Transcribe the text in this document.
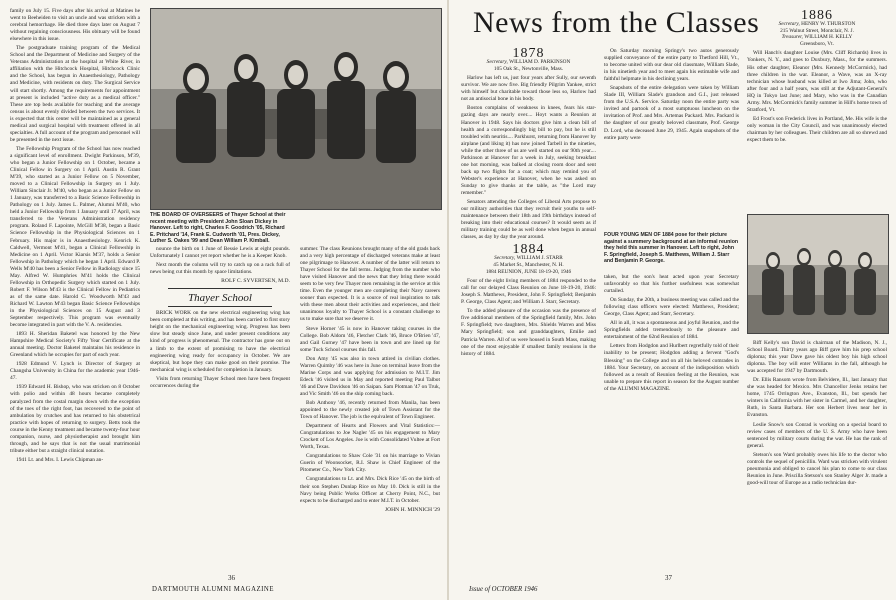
family on July 15. Five days after his arrival at Matines he went to Beeheiden to visit an uncle and was stricken with a cerebral hemorrhage. He died three days later on August 7 without regaining consciousness. His obituary will be found elsewhere in this issue.

The postgraduate training program of the Medical School and the Department of Medicine and Surgery of the Veterans Administration at the hospital at White River, in affiliation with the Hitchcock Hospital, Hitchcock Clinic and the School, has begun in Anaesthesiology, Pathology and Medicine, with residents on duty. The Surgical Service will start shortly. Among the requirements for appointment at present is included "active duty as a medical officer." These are top beds available for teaching and the average census is about evenly divided between the two services. It is expected that this center will be maintained as a general medical and surgical hospital with treatment offered in all specialties. A full account of the program and personnel will be presented in the next issue.

The Fellowship Program of the School has now reached a significant level of enrollment. Dwight Parkinson, M'39, who began a Junior Fellowship on 1 October, became a Clinical Fellow in Surgery on 1 April. Austin R. Grant M'39, who started as a Junior Fellow on 5 November, moved to a Clinical Fellowship in Surgery on 1 July. William Sinclair Jr. M'40, who began as a Junior Fellow on 1 January, was transferred to a Basic Science Fellowship in Pathology on 1 July. James L. Palmer, Alumni M'40, who held a Junior Fellowship from 1 January until 17 April, was transferred to the Veterans Administration residency program. Roland F. Lapointe, McGill M'38, began a Basic Science Fellowship in the Physiological Sciences on 1 February. His major is in Anaesthesiology. Kenrick K. Caldwell, Vermont M'41, began a Clinical Fellowship in Medicine on 1 April. Victor Kiarsis M'37, holds a Senior Fellowship in Pathology which he began 1 April. Edward P. Wells M'40 has been a Senior Fellow in Radiology since 15 May. Alfred W. Humphries M'41 holds the Clinical Fellowship in Orthopedic Surgery which started on 1 July. Robert F. Wilson M'43 is the Clinical Fellow in Pediatrics as of the same date. Harold C. Woodworth M'43 and Richard W. Lawton M'43 began Basic Science Fellowships in the Physiological Sciences on 15 August and 3 September respectively. This program was eventually become integrated in part with the V. A. residencies.

1893 H. Sheridan Baketel was honored by the New Hampshire Medical Society's Fifty Year Certificate at the annual meeting. Doctor Baketel maintains his residence in Greenland which he occupies for part of each year.

1928 Edmund V. Lynch is Director of Surgery at Changsha University in China for the academic year 1946-47.

1939 Edward H. Bishop, who was stricken on 8 October with polio and within 48 hours became completely paralyzed from the costal margin down with the exception of the toes of the right foot, has recovered to the point of ambulation by crutches and has returned to his obstetrical practice with hopes of returning to surgery. Betts took the course in the Kenny treatment and became twenty-four hour companion, nurse, and physiotherapist and brought him through, and he says that is not the usual matrimonial tribute either but a straight clinical notation.

1941 Lt. and Mrs. I. Lewis Chipman an-

THE BOARD OF OVERSEERS of Thayer School at their recent meeting with President John Sloan Dickey in Hanover. Left to right, Charles F. Goodrich '05, Richard E. Pritchard '14, Frank E. Cudworth '01, Pres. Dickey, Luther S. Oakes '99 and Dean William P. Kimball.

nounce the birth on 1 June of Bessie Lewis at eight pounds. Unfortunately I cannot yet report whether he is a Keeper Knob.

Next month the column will try to catch up on a rack full of news being cut this month by space limitations.

ROLF C. SYVERTSEN, M.D.
Thayer School

BRICK WORK on the new electrical engineering wing has been completed at this writing, and has been carried to first story height on the mechanical engineering wing. Progress has been slow but steady since June, and under present conditions any kind of progress is phenomenal. The contractor has gone out on a limb to the extent of promising to have the electrical engineering wing ready for occupancy in October. We are skeptical, but hope they can make good on their promise. The mechanical wing is scheduled for completion in January.

Visits from returning Thayer School men have been frequent occurrences during the

summer. The class Reunions brought many of the old grads back and a very high percentage of discharged veterans make at least one pilgrimage to Hanover. A number of the latter will return to Thayer School for the fall terms. Judging from the number who have visited Hanover and the news that they bring there would seem to be very few Thayer men remaining in the service at this time. Even the younger men are completing their Navy careers sooner than expected. It is a source of real inspiration to talk with these men about their activities and experiences, and their unanimous loyalty to Thayer School is a constant challenge to us to make sure that we deserve it.

Steve Horner '45 is now in Hanover taking courses in the College. Bob Aldom '46, Fletcher Clark '46, Bruce O'Brien '47, and Gail Gurney '47 have been in town and are lined up for some Tuck School courses this fall.

Don Amy '45 was also in town attired in civilian clothes. Warren Quimby '46 was here in June on terminal leave from the Marine Corps and was applying for admission to M.I.T. Jim Edeck '46 visited us in May and reported meeting Paul Talbot '46 and Dave Davidson '46 on Saipan. Sam Plotman '47 on Truk, and Vic Smith '46 on the ship coming back.

Bob Anthony '46, recently returned from Manila, has been appointed to the newly created job of Town Assistant for the Town of Hanover. The job is the equivalent of Town Engineer.

Department of Hearts and Flowers and Vital Statistics:—Congratulations to Joe Nagler '45 on his engagement to Mary Crockett of Los Angeles. Joe is with Consolidated Vultee at Fort Worth, Texas.

Congratulations to Shaw Cole '31 on his marriage to Vivian Guerin of Woonsocket, R.I. Shaw is Chief Engineer of the Pitometer Co., New York City.

Congratulations to Lt. and Mrs. Dick Rice '45 on the birth of their son Stephen Dunlap Rice on May 10. Dick is still in the Navy being Public Works Officer at Cherry Point, N.C., but expects to be discharged and to enter M.I.T. in October.

JOHN H. MINNICH '29
36
DARTMOUTH ALUMNI MAGAZINE
News from the Classes
1878
Secretary, WILLIAM D. PARKINSON
105 Oak St., Newtonville, Mass.

Harlow has left us, just four years after Sully, our seventh survivor. We are now five. Big friendly Pilgrim Yankee, strict with himself but charitable toward those less so, Harlow had not an antisocial bone in his body.

Boston complains of weakness in knees, fears his star-gazing days are nearly over.... Hoyt wants a Reunion at Hanover in 1948. Says his doctors give him a clean bill of health and a correspondingly big bill to pay, but he is still troubled with neuritis.... Parkhurst, returning from Hanover by airplane (and liking it) has now joined Tarbell in the nineties, while the other three of us are well started on our 90th year.... Parkinson at Hanover for a week in July, seeking breakfast one hot morning, was balked at closing room door and sent back up two flights for a coat; which may remind you of Webster's experience at Hanover, when he was asked on Sunday to give thanks at the table, as "the Lord may remember."

Senators attending the Colleges of Liberal Arts propose to our military authorities that they recruit their youths to self-maintenance between their 18th and 19th birthdays instead of breaking into their educational courses? It would seem as if military training could be as well done when begun in annual classes, as day by day the year around.

1884
Secretary, WILLIAM J. STARR
45 Market St., Manchester, N. H.
1884 REUNION, JUNE 18-19-20, 1946

Four of the eight living members of 1884 responded to the call for our delayed Class Reunion on June 18-19-20, 1946: Joseph S. Matthews, President, John F. Springfield; Benjamin P. George, Class Agent; and William J. Starr, Secretary.

To the added pleasure of the occasion was the presence of five additional members of the Springfield family, Mrs. John F. Springfield; two daughters, Mrs. Shields Warren and Miss Mary Springfield; son and granddaughters, Emilie and Patricia Warren. All of us were housed in South Mass, making one of the most enjoyable if smallest family reunions in the history of 1884.

On Saturday morning Springy's two autos generously supplied conveyance of the entire party to Thetford Hill, Vt., to become united with our dear old classmate, William Slade, in his ninetieth year and to meet again his estimable wife and faithful helpmate in his declining years.

Snapshots of the entire delegation were taken by William Slade III, William Slade's grandson and G.I., just released from the U.S.A. Service. Saturday noon the entire party was invited and partook of a most sumptuous luncheon on the invitation of Prof. and Mrs. Artemas Packard. Mrs. Packard is the daughter of our greatly beloved classmate, Prof. George D. Lord, who deceased June 29, 1945. Again snapshots of the entire party were

FOUR YOUNG MEN OF 1884 pose for their picture against a summery background at an informal reunion they held this summer in Hanover. Left to right, John F. Springfield, Joseph S. Matthews, William J. Starr and Benjamin P. George.

taken, but the son's heat acted upon your Secretary unfavorably so that his further usefulness was somewhat curtailed.

On Sunday, the 20th, a business meeting was called and the following class officers were elected: Matthews, President; George, Class Agent; and Starr, Secretary.

All in all, it was a spontaneous and joyful Reunion, and the Springfields added tremendously to the pleasure and entertainment of the 62nd Reunion of 1884.

Letters from Hodgdon and Hurlbert regretfully told of their inability to be present; Hodgdon adding a fervent "God's Blessing" on the College and on all his beloved comrades in 1884. Your Secretary, on account of the indisposition which followed as a result of Reunion feeling at the Reunion, was unable to prepare this report in season for the August number of the ALUMNI MAGAZINE.

1886
Secretary, HENRY W. THURSTON
215 Walnut Street, Montclair, N. J.
Treasurer, WILLIAM H. KELLY
Greensboro, Vt.

Will Hanch's daughter Louise (Mrs. Cliff Richards) lives in Yonkers, N. Y., and goes to Duxbury, Mass., for the summers. His other daughter, Eleanor (Mrs. Kennedy McCormick), had three children in the war. Eleanor, a Wave, was an X-ray technician whose husband was killed at Iwo Jima; John, who after four and a half years, was still at the Adjutant-General's HQ in Tokyo last June; and Mary, who was in the Canadian Army. Mrs. McCormick's family summer in Hill's home town of Stratford, Vt.

Ed Frost's son Frederick lives in Portland, Me. His wife is the only woman in the City Council, and was unanimously elected chairman by her colleagues. Their children are all so shrewd and expect them to be.

Biff Kelly's son David is chairman of the Madison, N. J., School Board. Thirty years ago Biff gave him his prep school diploma; this year Dave gave his oldest boy his high school diploma. The boy will enter Williams in the fall, although he was accepted for 1947 by Dartmouth.

Dr. Ellis Ransom wrote from Belvidere, Ill., last January that she was headed for Mexico. Mrs Chancellor Jenks retains her home, 1745 Orrington Ave., Evanston, Ill., but spends her winters in California with her sister in Carmel, and her daughter, Ruth, in Santa Barbara. Her son Herbert lives near her in Evanston.

Leslie Snow's son Conrad is working on a special board to review cases of members of the U. S. Army who have been sentenced by military courts during the war. He has the rank of general.

Stetson's son Ward probably owes his life to the doctor who controls the sequel of penicillin. Ward was stricken with virulent pneumonia and obliged to cancel his plan to come to our class Reunion in June. Priscilla Stetson's son Stanley Alger Jr. made a good-will tour of Europe as a radio technician dur-

Issue of OCTOBER 1946
37
